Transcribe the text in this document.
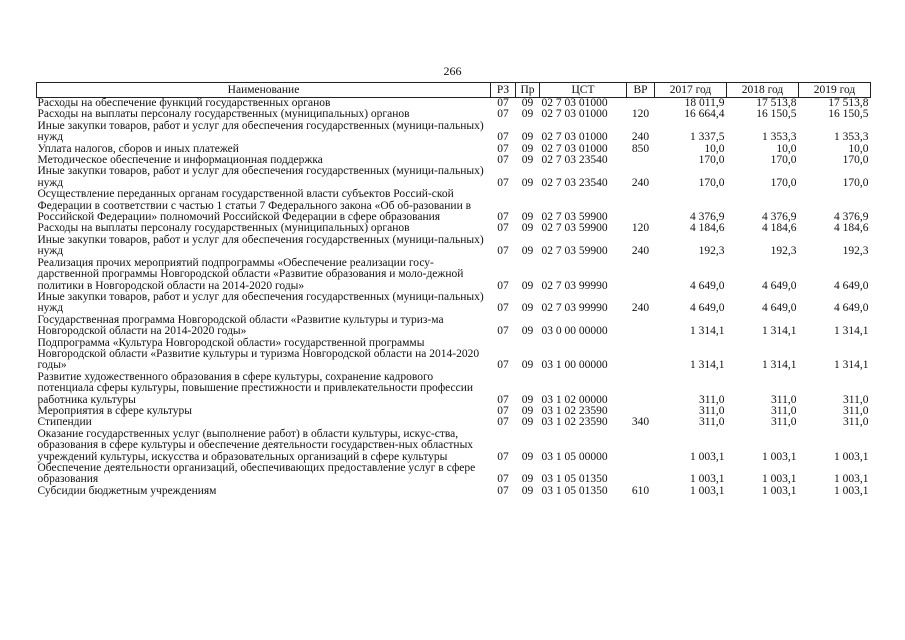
266
Наименование	РЗ	Пр	ЦСТ	ВР	2017 год	2018 год	2019 год
Расходы на обеспечение функций государственных органов	07	09	02 7 03 01000		18 011,9	17 513,8	17 513,8
Расходы на выплаты персоналу государственных (муниципальных) органов	07	09	02 7 03 01000	120	16 664,4	16 150,5	16 150,5
Иные закупки товаров, работ и услуг для обеспечения государственных (муници-пальных) нужд	07	09	02 7 03 01000	240	1 337,5	1 353,3	1 353,3
Уплата налогов, сборов и иных платежей	07	09	02 7 03 01000	850	10,0	10,0	10,0
Методическое обеспечение и информационная поддержка	07	09	02 7 03 23540		170,0	170,0	170,0
Иные закупки товаров, работ и услуг для обеспечения государственных (муници-пальных) нужд	07	09	02 7 03 23540	240	170,0	170,0	170,0
Осуществление переданных органам государственной власти субъектов Россий-ской Федерации в соответствии с частью 1 статьи 7 Федерального закона «Об об-разовании в Российской Федерации» полномочий Российской Федерации в сфере образования	07	09	02 7 03 59900		4 376,9	4 376,9	4 376,9
Расходы на выплаты персоналу государственных (муниципальных) органов	07	09	02 7 03 59900	120	4 184,6	4 184,6	4 184,6
Иные закупки товаров, работ и услуг для обеспечения государственных (муници-пальных) нужд	07	09	02 7 03 59900	240	192,3	192,3	192,3
Реализация прочих мероприятий подпрограммы «Обеспечение реализации госу-дарственной программы Новгородской области «Развитие образования и моло-дежной политики в Новгородской области на 2014-2020 годы»	07	09	02 7 03 99990		4 649,0	4 649,0	4 649,0
Иные закупки товаров, работ и услуг для обеспечения государственных (муници-пальных) нужд	07	09	02 7 03 99990	240	4 649,0	4 649,0	4 649,0
Государственная программа Новгородской области «Развитие культуры и туриз-ма Новгородской области на 2014-2020 годы»	07	09	03 0 00 00000		1 314,1	1 314,1	1 314,1
Подпрограмма «Культура Новгородской области» государственной программы Новгородской области «Развитие культуры и туризма Новгородской области на 2014-2020 годы»	07	09	03 1 00 00000		1 314,1	1 314,1	1 314,1
Развитие художественного образования в сфере культуры, сохранение кадрового потенциала сферы культуры, повышение престижности и привлекательности профессии работника культуры	07	09	03 1 02 00000		311,0	311,0	311,0
Мероприятия в сфере культуры	07	09	03 1 02 23590		311,0	311,0	311,0
Стипендии	07	09	03 1 02 23590	340	311,0	311,0	311,0
Оказание государственных услуг (выполнение работ) в области культуры, искус-ства, образования в сфере культуры и обеспечение деятельности государствен-ных областных учреждений культуры, искусства и образовательных организаций в сфере культуры	07	09	03 1 05 00000		1 003,1	1 003,1	1 003,1
Обеспечение деятельности организаций, обеспечивающих предоставление услуг в сфере образования	07	09	03 1 05 01350		1 003,1	1 003,1	1 003,1
Субсидии бюджетным учреждениям	07	09	03 1 05 01350	610	1 003,1	1 003,1	1 003,1
